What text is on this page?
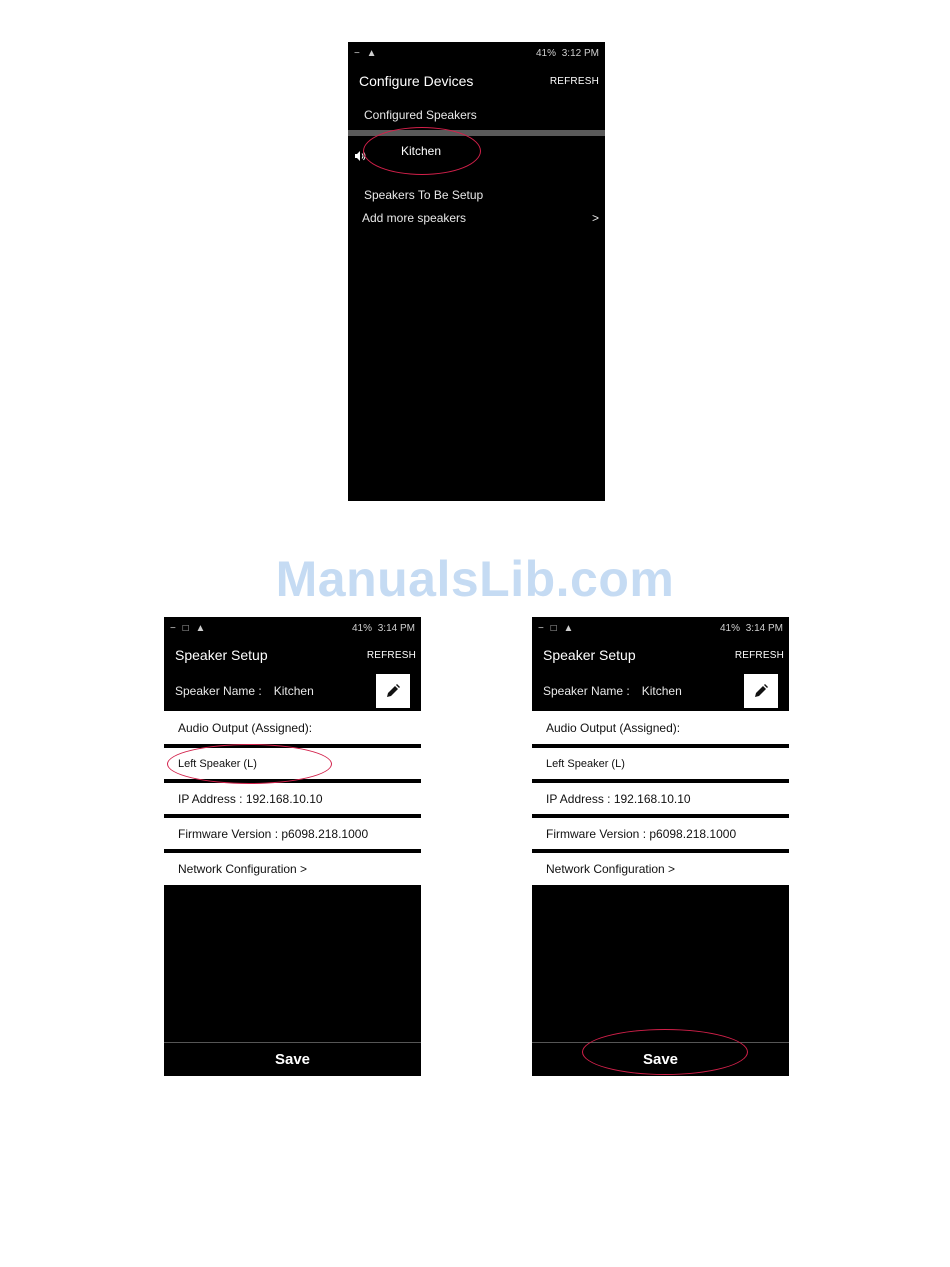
− ▲	41% 3:12 PM
Configure Devices	REFRESH
Configured Speakers
Kitchen
Speakers To Be Setup
Add more speakers	>
ManualsLib.com
− □ ▲	41% 3:14 PM
Speaker Setup	REFRESH
Speaker Name : Kitchen
Audio Output (Assigned):
Left Speaker (L)
IP Address : 192.168.10.10
Firmware Version : p6098.218.1000
Network Configuration >
Save
− □ ▲	41% 3:14 PM
Speaker Setup	REFRESH
Speaker Name : Kitchen
Audio Output (Assigned):
Left Speaker (L)
IP Address : 192.168.10.10
Firmware Version : p6098.218.1000
Network Configuration >
Save
